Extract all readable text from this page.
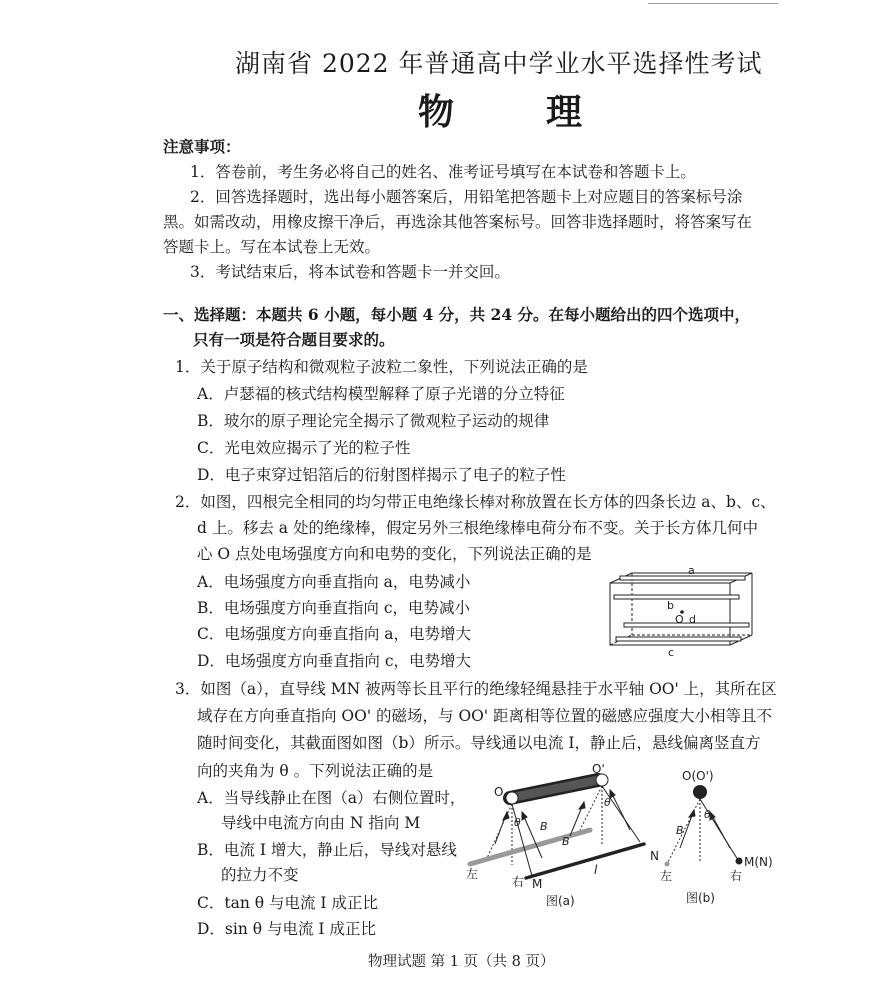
湖南省 2022 年普通高中学业水平选择性考试
物　理
注意事项：
1．答卷前，考生务必将自己的姓名、准考证号填写在本试卷和答题卡上。
2．回答选择题时，选出每小题答案后，用铅笔把答题卡上对应题目的答案标号涂
黑。如需改动，用橡皮擦干净后，再选涂其他答案标号。回答非选择题时，将答案写在
答题卡上。写在本试卷上无效。
3．考试结束后，将本试卷和答题卡一并交回。
一、选择题：本题共 6 小题，每小题 4 分，共 24 分。在每小题给出的四个选项中，
只有一项是符合题目要求的。
1．关于原子结构和微观粒子波粒二象性，下列说法正确的是
A．卢瑟福的核式结构模型解释了原子光谱的分立特征
B．玻尔的原子理论完全揭示了微观粒子运动的规律
C．光电效应揭示了光的粒子性
D．电子束穿过铝箔后的衍射图样揭示了电子的粒子性
2．如图，四根完全相同的均匀带正电绝缘长棒对称放置在长方体的四条长边 a、b、c、
d 上。移去 a 处的绝缘棒，假定另外三根绝缘棒电荷分布不变。关于长方体几何中
心 O 点处电场强度方向和电势的变化，下列说法正确的是
A．电场强度方向垂直指向 a，电势减小
B．电场强度方向垂直指向 c，电势减小
C．电场强度方向垂直指向 a，电势增大
D．电场强度方向垂直指向 c，电势增大
a
b
O d
c
3．如图（a），直导线 MN 被两等长且平行的绝缘轻绳悬挂于水平轴 OO' 上，其所在区
域存在方向垂直指向 OO' 的磁场，与 OO' 距离相等位置的磁感应强度大小相等且不
随时间变化，其截面图如图（b）所示。导线通以电流 I，静止后，悬线偏离竖直方
向的夹角为 θ 。下列说法正确的是
A．当导线静止在图（a）右侧位置时，
导线中电流方向由 N 指向 M
B．电流 I 增大，静止后，导线对悬线
的拉力不变
C．tan θ 与电流 I 成正比
D．sin θ 与电流 I 成正比
O
O'
θ
θ
B
B
左
右 M
N
l
图(a)
O(O')
θ
B
左	右
M(N)
图(b)
物理试题 第 1 页（共 8 页）
